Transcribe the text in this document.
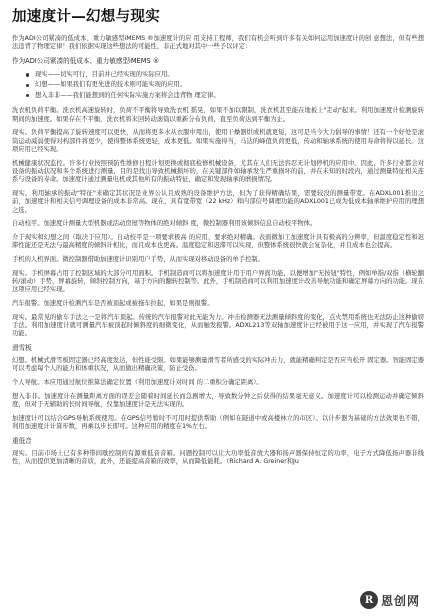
加速度计—幻想与现实

作为ADI公司紧凑的低成本、重力敏感型iMEMS ®加速度计的应 用支持工程师，我们有机会听到许多有关如何运用加速度计的创 意想法，但有些想法违背了物理定律！我们依据实现这些想法的可能性，非正式地对其中一些予以评定：

作为ADI公司紧凑的低成本、重力敏感型iMEMS ®

现实——切实可行，目前并已经实现的实际应用。
幻想——如果我们有更先进的技术则可能实现的应用。
想入非非——我们能想到的任何实际实施方案将会违背物 理定律。

洗衣机负荷平衡。洗衣机高速旋转时，负荷不平衡将导致洗衣机 摇晃，如果不加以限制，洗衣机甚至能在地板上"走动"起来。利用加速度计检测旋转期间的加速度。如果存在不平衡，洗衣机将来回转动滚筒以重新分布负荷，直至负荷达到平衡为止。

现实。负荷平衡提高了旋转速度可以更快，从而将更多水从衣服中甩出，使用干燥器烘或机就更短，这可是当今大力倡导的事情！还有一个好处是滚筒运动减弱使得对构部件将更少，使得整体系统更轻，成本更低。如果实施得当，马达的峰值负荷更低，传动和轴承系统的使用寿命将得以延长。这项应用已经实现。

机械健康状况监控。许多行业按照预防性维修日程计划更换或彻底检修机械设备，尤其在人们无法容忍无计划停机的应用中。因此，许多行业都会对设备的振动状况和多个系统进行测量，目的是找出导致机械损坏的，在关键部件如轴承发生严重损坏的前，并在未知的时段内，通过测量特征相关连系与设备的寿命。加速度计通过测量电机或其他所有的振动特征，确定和发现轴承的磨损情况。

现实。利用轴承的振动"特征"来确定其状况是业界公认且成熟的设备维护方法，但为了获得精确结果，需要较没的测量带宽。在ADXL001推出之前，加速度计和相关信号调理设备的成本非常高。现在，具有宽带宽（22 kHz）和内部信号调理功能的ADXL001已成为低成本轴承维护应用的理想之选。

自动校平。加速度计测量大型机器或活动房屋等物体的绝对倾斜 度，微控制器利用该倾斜信息自动校平物体。

介于现实和幻想之间（取决于应用）。自动校平是一项要求极高 的应用，要求绝对精确。表面微加工加速度计具有极高的分辨率，但温度稳定性和迟滞性能还是无法与最高精度的倾斜计相比，而且成本也更高。温度稳定和迟滞可以实现，但整体系统很快就会复杂化，并且成本也会提高。

手机的人机界面。微控制器借助加速度计识别用户手势，从而实现对移动设备的单手控制。

现实。手机屏幕占用了控制区域的大部分可用面积。手机制造商可以将加速度计用于用户界面功能，以便增加"无按钮"特性，例如单指/双指（横轮翻转/滚动）手势，屏幕旋转，倾斜控制方向，基于方向的翻转控制等。此外，手机制造商可以利用加速度计改善导航功能和确定屏幕方向的功能。现在这项应用已经实现。

汽车报警。加速度计检测汽车是否被顶起或被拖车拉起，如果是则报警。

现实。最常见的偷车手法之一是将汽车顶起。传统的汽车报警对此无能为力。冲击检测器无法测量倾斜度的变化，点火禁用系统也无法防止这种偷窃手法。利用加速度计就可测量汽车被顶起时倾斜度的细微变化，从而触发报警。ADXL213等双轴加速度计已经被用于这一应用，并实现了汽车报警功能。

滑雪板

幻想。机械式滑雪板固定器已经高度发达，但性能受限。如果能够测量滑雪者所感受的实际冲击力，就能精确判定是否应当松开 固定器。智能固定器可以考虑每个人的能力和体重状况，从而做出精确决策，防止受伤。

个人导航。本应用通过航位推算法确定位置（利用加速度计对时间 的二重积分确定距离）。

想入非非。加速度计在测量距离方面的误差会随着时间延长而急剧增大，导致数分钟之后获得的结果毫无意义。加速度计可以检测运动并确定倾斜度，但对于无辅助的长时间导航，仅靠加速度计是无法实现的。

加速度计可以结合GPS导航系统使用。在GPS信号暂时不可用时提供帮助（例如在隧道中或高楼林立的市区）。以计步器为基础的方法效果也不错，利用加速度计计算步数，再乘以步长即可。这种应用的精度在1%左右。

重低音

现实。目前市场上已有多种带间歇控制的有源重低音音箱。问题控制可以让大功率低音放大器和扬声器保持恒定的功率，电子方式降低扬声器非线性，从而提供更加清晰的音质，此外，还能提高音箱的效率，从而降低能耗。（Richard A. Greiner和Ju

R 恩创网
